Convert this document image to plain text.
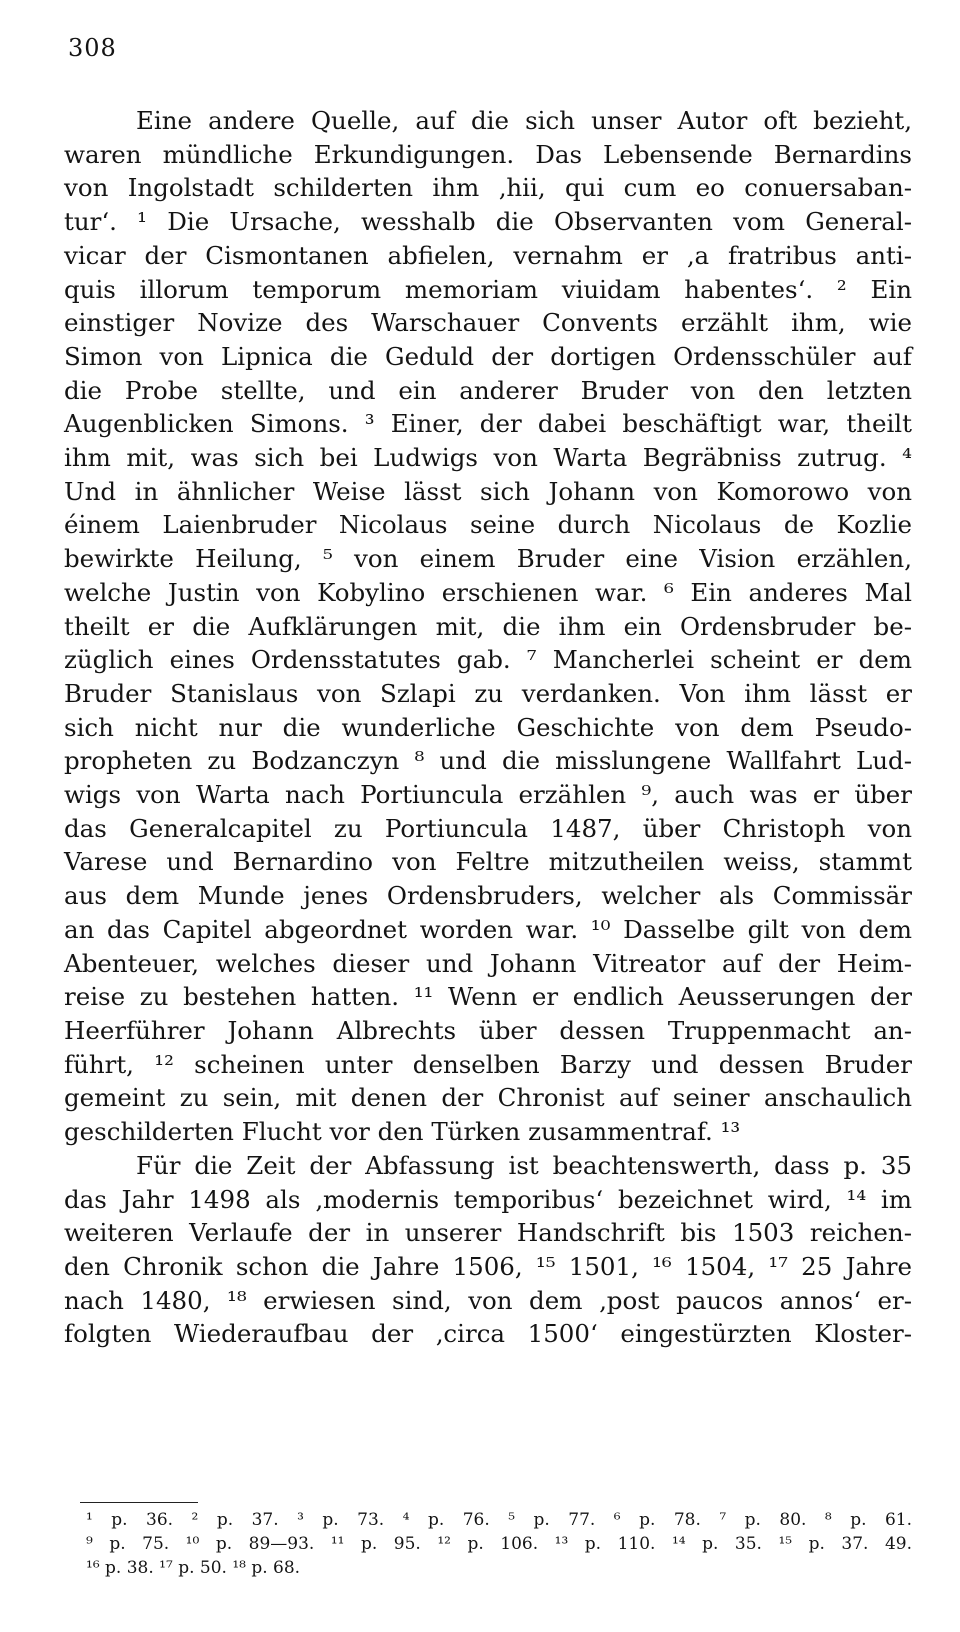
308
Eine andere Quelle, auf die sich unser Autor oft bezieht,
waren mündliche Erkundigungen. Das Lebensende Bernardins
von Ingolstadt schilderten ihm ‚hii, qui cum eo conuersaban-
tur‘. ¹ Die Ursache, wesshalb die Observanten vom General-
vicar der Cismontanen abfielen, vernahm er ‚a fratribus anti-
quis illorum temporum memoriam viuidam habentes‘. ² Ein
einstiger Novize des Warschauer Convents erzählt ihm, wie
Simon von Lipnica die Geduld der dortigen Ordensschüler auf
die Probe stellte, und ein anderer Bruder von den letzten
Augenblicken Simons. ³ Einer, der dabei beschäftigt war, theilt
ihm mit, was sich bei Ludwigs von Warta Begräbniss zutrug. ⁴
Und in ähnlicher Weise lässt sich Johann von Komorowo von
éinem Laienbruder Nicolaus seine durch Nicolaus de Kozlie
bewirkte Heilung, ⁵ von einem Bruder eine Vision erzählen,
welche Justin von Kobylino erschienen war. ⁶ Ein anderes Mal
theilt er die Aufklärungen mit, die ihm ein Ordensbruder be-
züglich eines Ordensstatutes gab. ⁷ Mancherlei scheint er dem
Bruder Stanislaus von Szlapi zu verdanken. Von ihm lässt er
sich nicht nur die wunderliche Geschichte von dem Pseudo-
propheten zu Bodzanczyn ⁸ und die misslungene Wallfahrt Lud-
wigs von Warta nach Portiuncula erzählen ⁹, auch was er über
das Generalcapitel zu Portiuncula 1487, über Christoph von
Varese und Bernardino von Feltre mitzutheilen weiss, stammt
aus dem Munde jenes Ordensbruders, welcher als Commissär
an das Capitel abgeordnet worden war. ¹⁰ Dasselbe gilt von dem
Abenteuer, welches dieser und Johann Vitreator auf der Heim-
reise zu bestehen hatten. ¹¹ Wenn er endlich Aeusserungen der
Heerführer Johann Albrechts über dessen Truppenmacht an-
führt, ¹² scheinen unter denselben Barzy und dessen Bruder
gemeint zu sein, mit denen der Chronist auf seiner anschaulich
geschilderten Flucht vor den Türken zusammentraf. ¹³
Für die Zeit der Abfassung ist beachtenswerth, dass p. 35
das Jahr 1498 als ‚modernis temporibus‘ bezeichnet wird, ¹⁴ im
weiteren Verlaufe der in unserer Handschrift bis 1503 reichen-
den Chronik schon die Jahre 1506, ¹⁵ 1501, ¹⁶ 1504, ¹⁷ 25 Jahre
nach 1480, ¹⁸ erwiesen sind, von dem ‚post paucos annos‘ er-
folgten Wiederaufbau der ‚circa 1500‘ eingestürzten Kloster-
¹ p. 36. ² p. 37. ³ p. 73. ⁴ p. 76. ⁵ p. 77. ⁶ p. 78. ⁷ p. 80. ⁸ p. 61.
⁹ p. 75. ¹⁰ p. 89—93. ¹¹ p. 95. ¹² p. 106. ¹³ p. 110. ¹⁴ p. 35. ¹⁵ p. 37. 49.
¹⁶ p. 38. ¹⁷ p. 50. ¹⁸ p. 68.
